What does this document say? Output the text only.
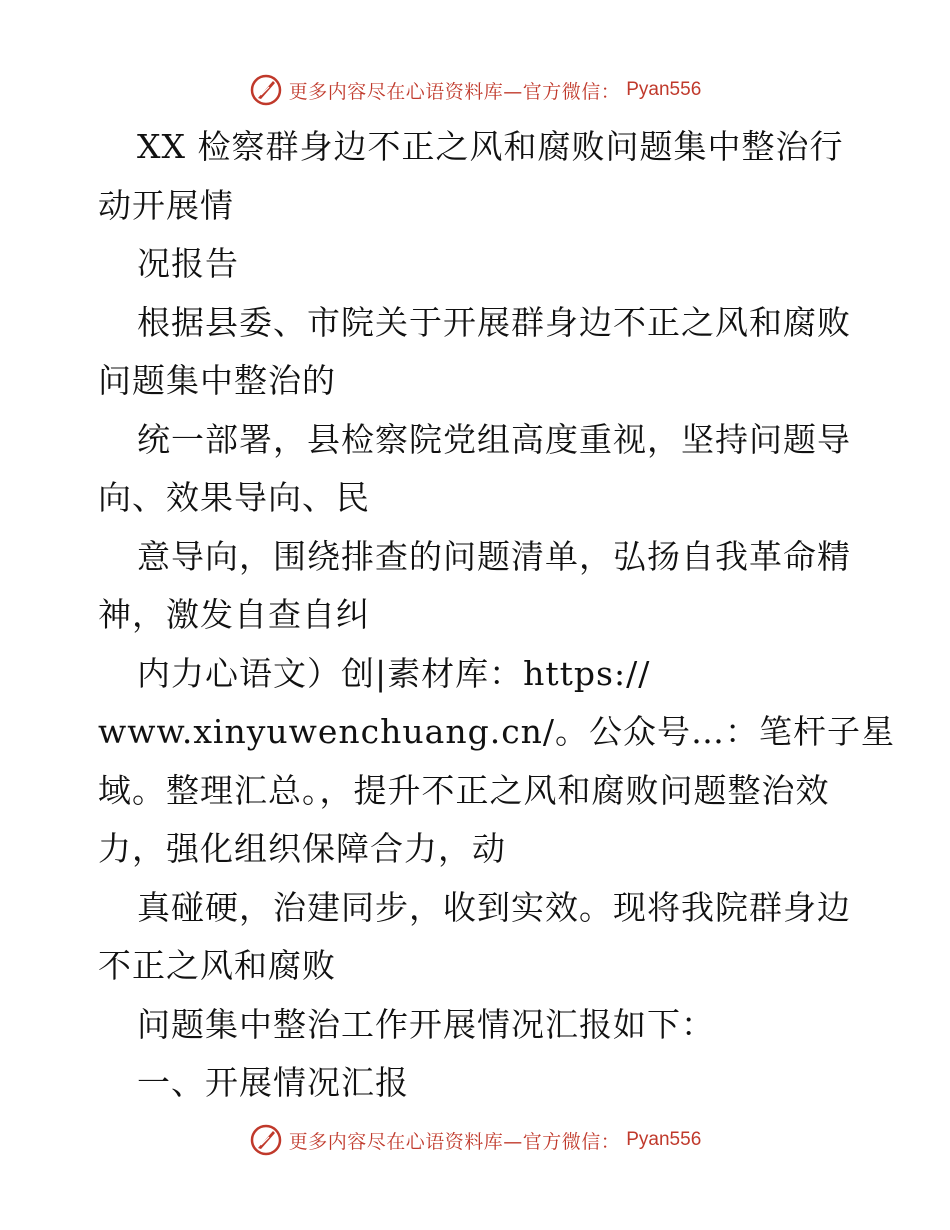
更多内容尽在心语资料库—官方微信： Pyan556
XX 检察群身边不正之风和腐败问题集中整治行
动开展情
况报告
根据县委、市院关于开展群身边不正之风和腐败
问题集中整治的
统一部署，县检察院党组高度重视，坚持问题导
向、效果导向、民
意导向，围绕排查的问题清单，弘扬自我革命精
神，激发自查自纠
内力心语文）创|素材库：https://
www.xinyuwenchuang.cn/。公众号…：笔杆子星
域。整理汇总。，提升不正之风和腐败问题整治效
力，强化组织保障合力，动
真碰硬，治建同步，收到实效。现将我院群身边
不正之风和腐败
问题集中整治工作开展情况汇报如下：
一、开展情况汇报
更多内容尽在心语资料库—官方微信： Pyan556
